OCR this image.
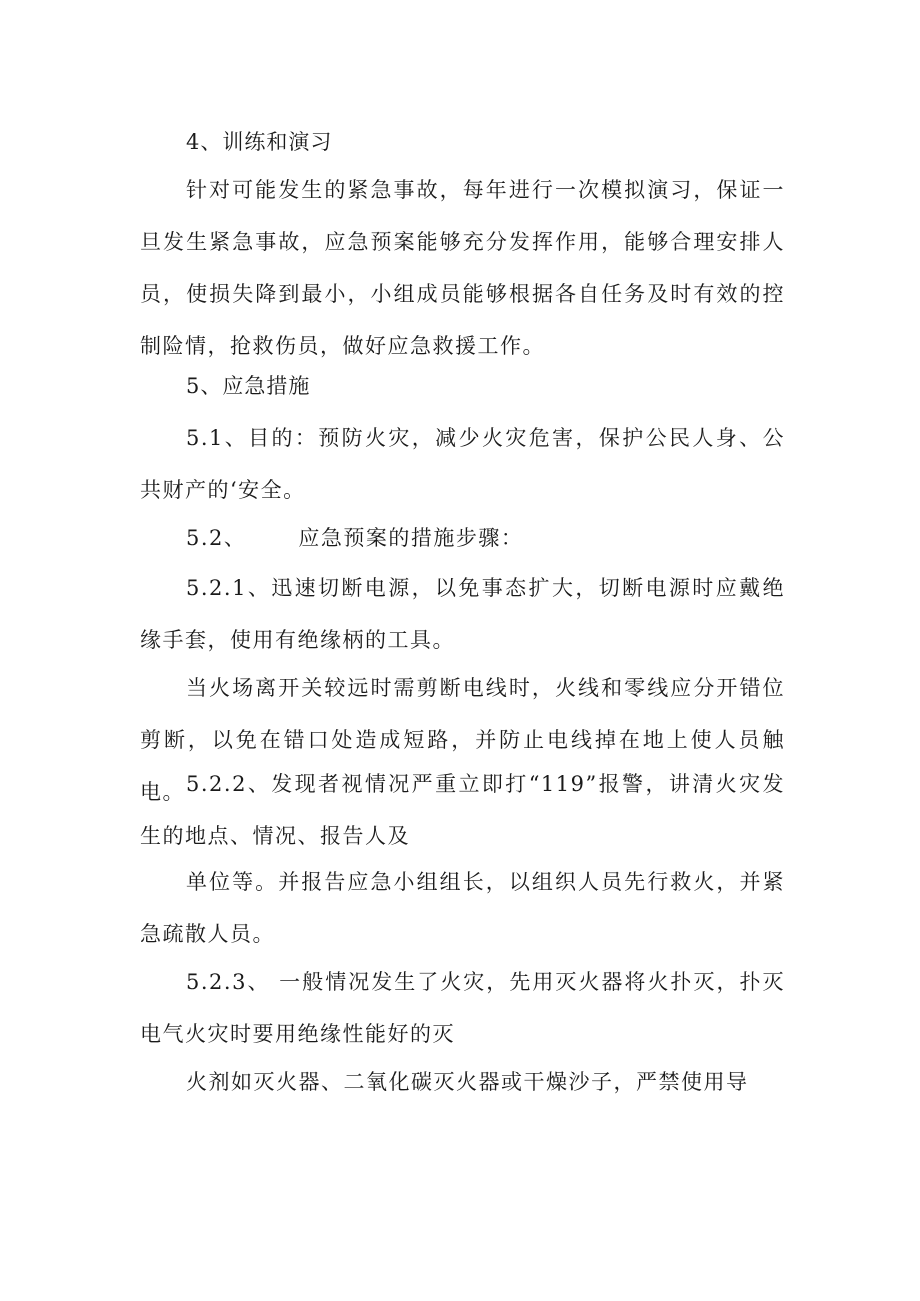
4、训练和演习

针对可能发生的紧急事故，每年进行一次模拟演习，保证一旦发生紧急事故，应急预案能够充分发挥作用，能够合理安排人员，使损失降到最小，小组成员能够根据各自任务及时有效的控制险情，抢救伤员，做好应急救援工作。

5、应急措施

5.1、目的：预防火灾，减少火灾危害，保护公民人身、公共财产的‘安全。

5.2、 应急预案的措施步骤：

5.2.1、迅速切断电源，以免事态扩大，切断电源时应戴绝缘手套，使用有绝缘柄的工具。

当火场离开关较远时需剪断电线时，火线和零线应分开错位剪断，以免在错口处造成短路，并防止电线掉在地上使人员触电。 5.2.2、发现者视情况严重立即打“119”报警，讲清火灾发生的地点、情况、报告人及

单位等。并报告应急小组组长，以组织人员先行救火，并紧急疏散人员。

5.2.3、 一般情况发生了火灾，先用灭火器将火扑灭，扑灭电气火灾时要用绝缘性能好的灭

火剂如灭火器、二氧化碳灭火器或干燥沙子，严禁使用导
